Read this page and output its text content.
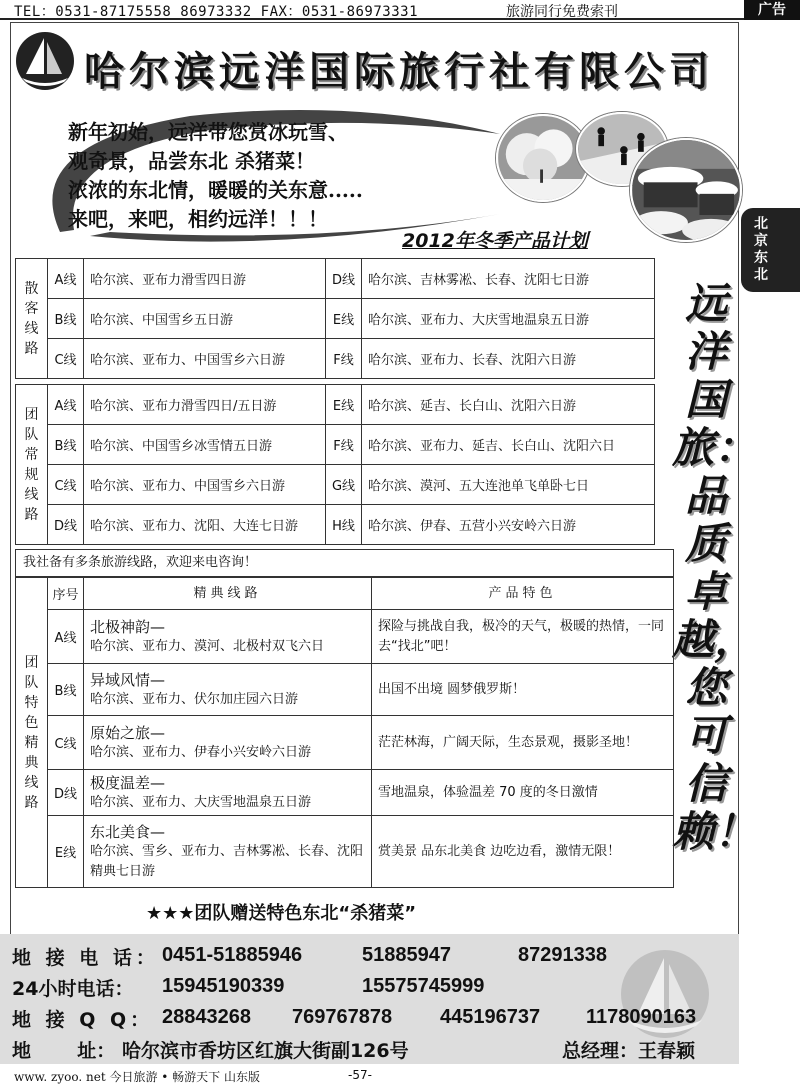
TEL：0531-87175558 86973332 FAX：0531-86973331	旅游同行免费索刊	广告
哈尔滨远洋国际旅行社有限公司
新年初始，远洋带您赏冰玩雪、
观奇景，品尝东北 杀猪菜！
浓浓的东北情，暖暖的关东意.....
来吧，来吧，相约远洋！！！
2012年冬季产品计划
北京东北
远洋国旅：品质卓越，您可信赖！
散客线路	A线	哈尔滨、亚布力滑雪四日游	D线	哈尔滨、吉林雾凇、长春、沈阳七日游
	B线	哈尔滨、中国雪乡五日游	E线	哈尔滨、亚布力、大庆雪地温泉五日游
	C线	哈尔滨、亚布力、中国雪乡六日游	F线	哈尔滨、亚布力、长春、沈阳六日游
团队常规线路	A线	哈尔滨、亚布力滑雪四日/五日游	E线	哈尔滨、延吉、长白山、沈阳六日游
	B线	哈尔滨、中国雪乡冰雪情五日游	F线	哈尔滨、亚布力、延吉、长白山、沈阳六日
	C线	哈尔滨、亚布力、中国雪乡六日游	G线	哈尔滨、漠河、五大连池单飞单卧七日
	D线	哈尔滨、亚布力、沈阳、大连七日游	H线	哈尔滨、伊春、五营小兴安岭六日游
我社备有多条旅游线路，欢迎来电咨询！
团队特色精典线路	序号	精典线路	产品特色
	A线	北极神韵—
哈尔滨、亚布力、漠河、北极村双飞六日	探险与挑战自我，极冷的天气，极暖的热情，一同去“找北”吧！
	B线	异域风情—
哈尔滨、亚布力、伏尔加庄园六日游	出国不出境 圆梦俄罗斯！
	C线	原始之旅—
哈尔滨、亚布力、伊春小兴安岭六日游	茫茫林海，广阔天际，生态景观，摄影圣地！
	D线	极度温差—
哈尔滨、亚布力、大庆雪地温泉五日游	雪地温泉，体验温差 70 度的冬日激情
	E线	东北美食—
哈尔滨、雪乡、亚布力、吉林雾凇、长春、沈阳精典七日游	赏美景 品东北美食 边吃边看，激情无限！
★★★团队赠送特色东北“杀猪菜”
地 接 电 话： 0451-51885946	51885947	87291338
24小时电话： 15945190339	15575745999
地 接 Q Q： 28843268 769767878 445196737 1178090163
地       址： 哈尔滨市香坊区红旗大街副126号	总经理：王春颖
www. zyoo. net 今日旅游 • 畅游天下 山东版	-57-
